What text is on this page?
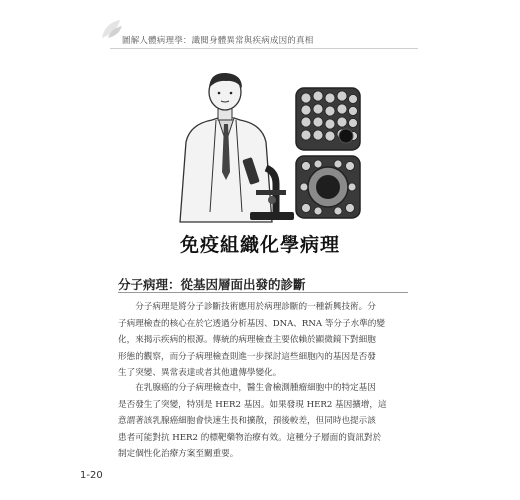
圖解人體病理學：識閱身體異常與疾病成因的真相
免疫組織化學病理
分子病理：從基因層面出發的診斷
　　分子病理是將分子診斷技術應用於病理診斷的一種新興技術。分
子病理檢查的核心在於它透過分析基因、DNA、RNA 等分子水準的變
化，來揭示疾病的根源。傳統的病理檢查主要依賴於顯微鏡下對細胞
形態的觀察，而分子病理檢查則進一步探討這些細胞內的基因是否發
生了突變、異常表達或者其他遺傳學變化。
　　在乳腺癌的分子病理檢查中，醫生會檢測腫瘤細胞中的特定基因
是否發生了突變，特別是 HER2 基因。如果發現 HER2 基因擴增，這
意謂著該乳腺癌細胞會快速生長和擴散，預後較差，但同時也提示該
患者可能對抗 HER2 的標靶藥物治療有效。這種分子層面的資訊對於
制定個性化治療方案至關重要。
1-20
